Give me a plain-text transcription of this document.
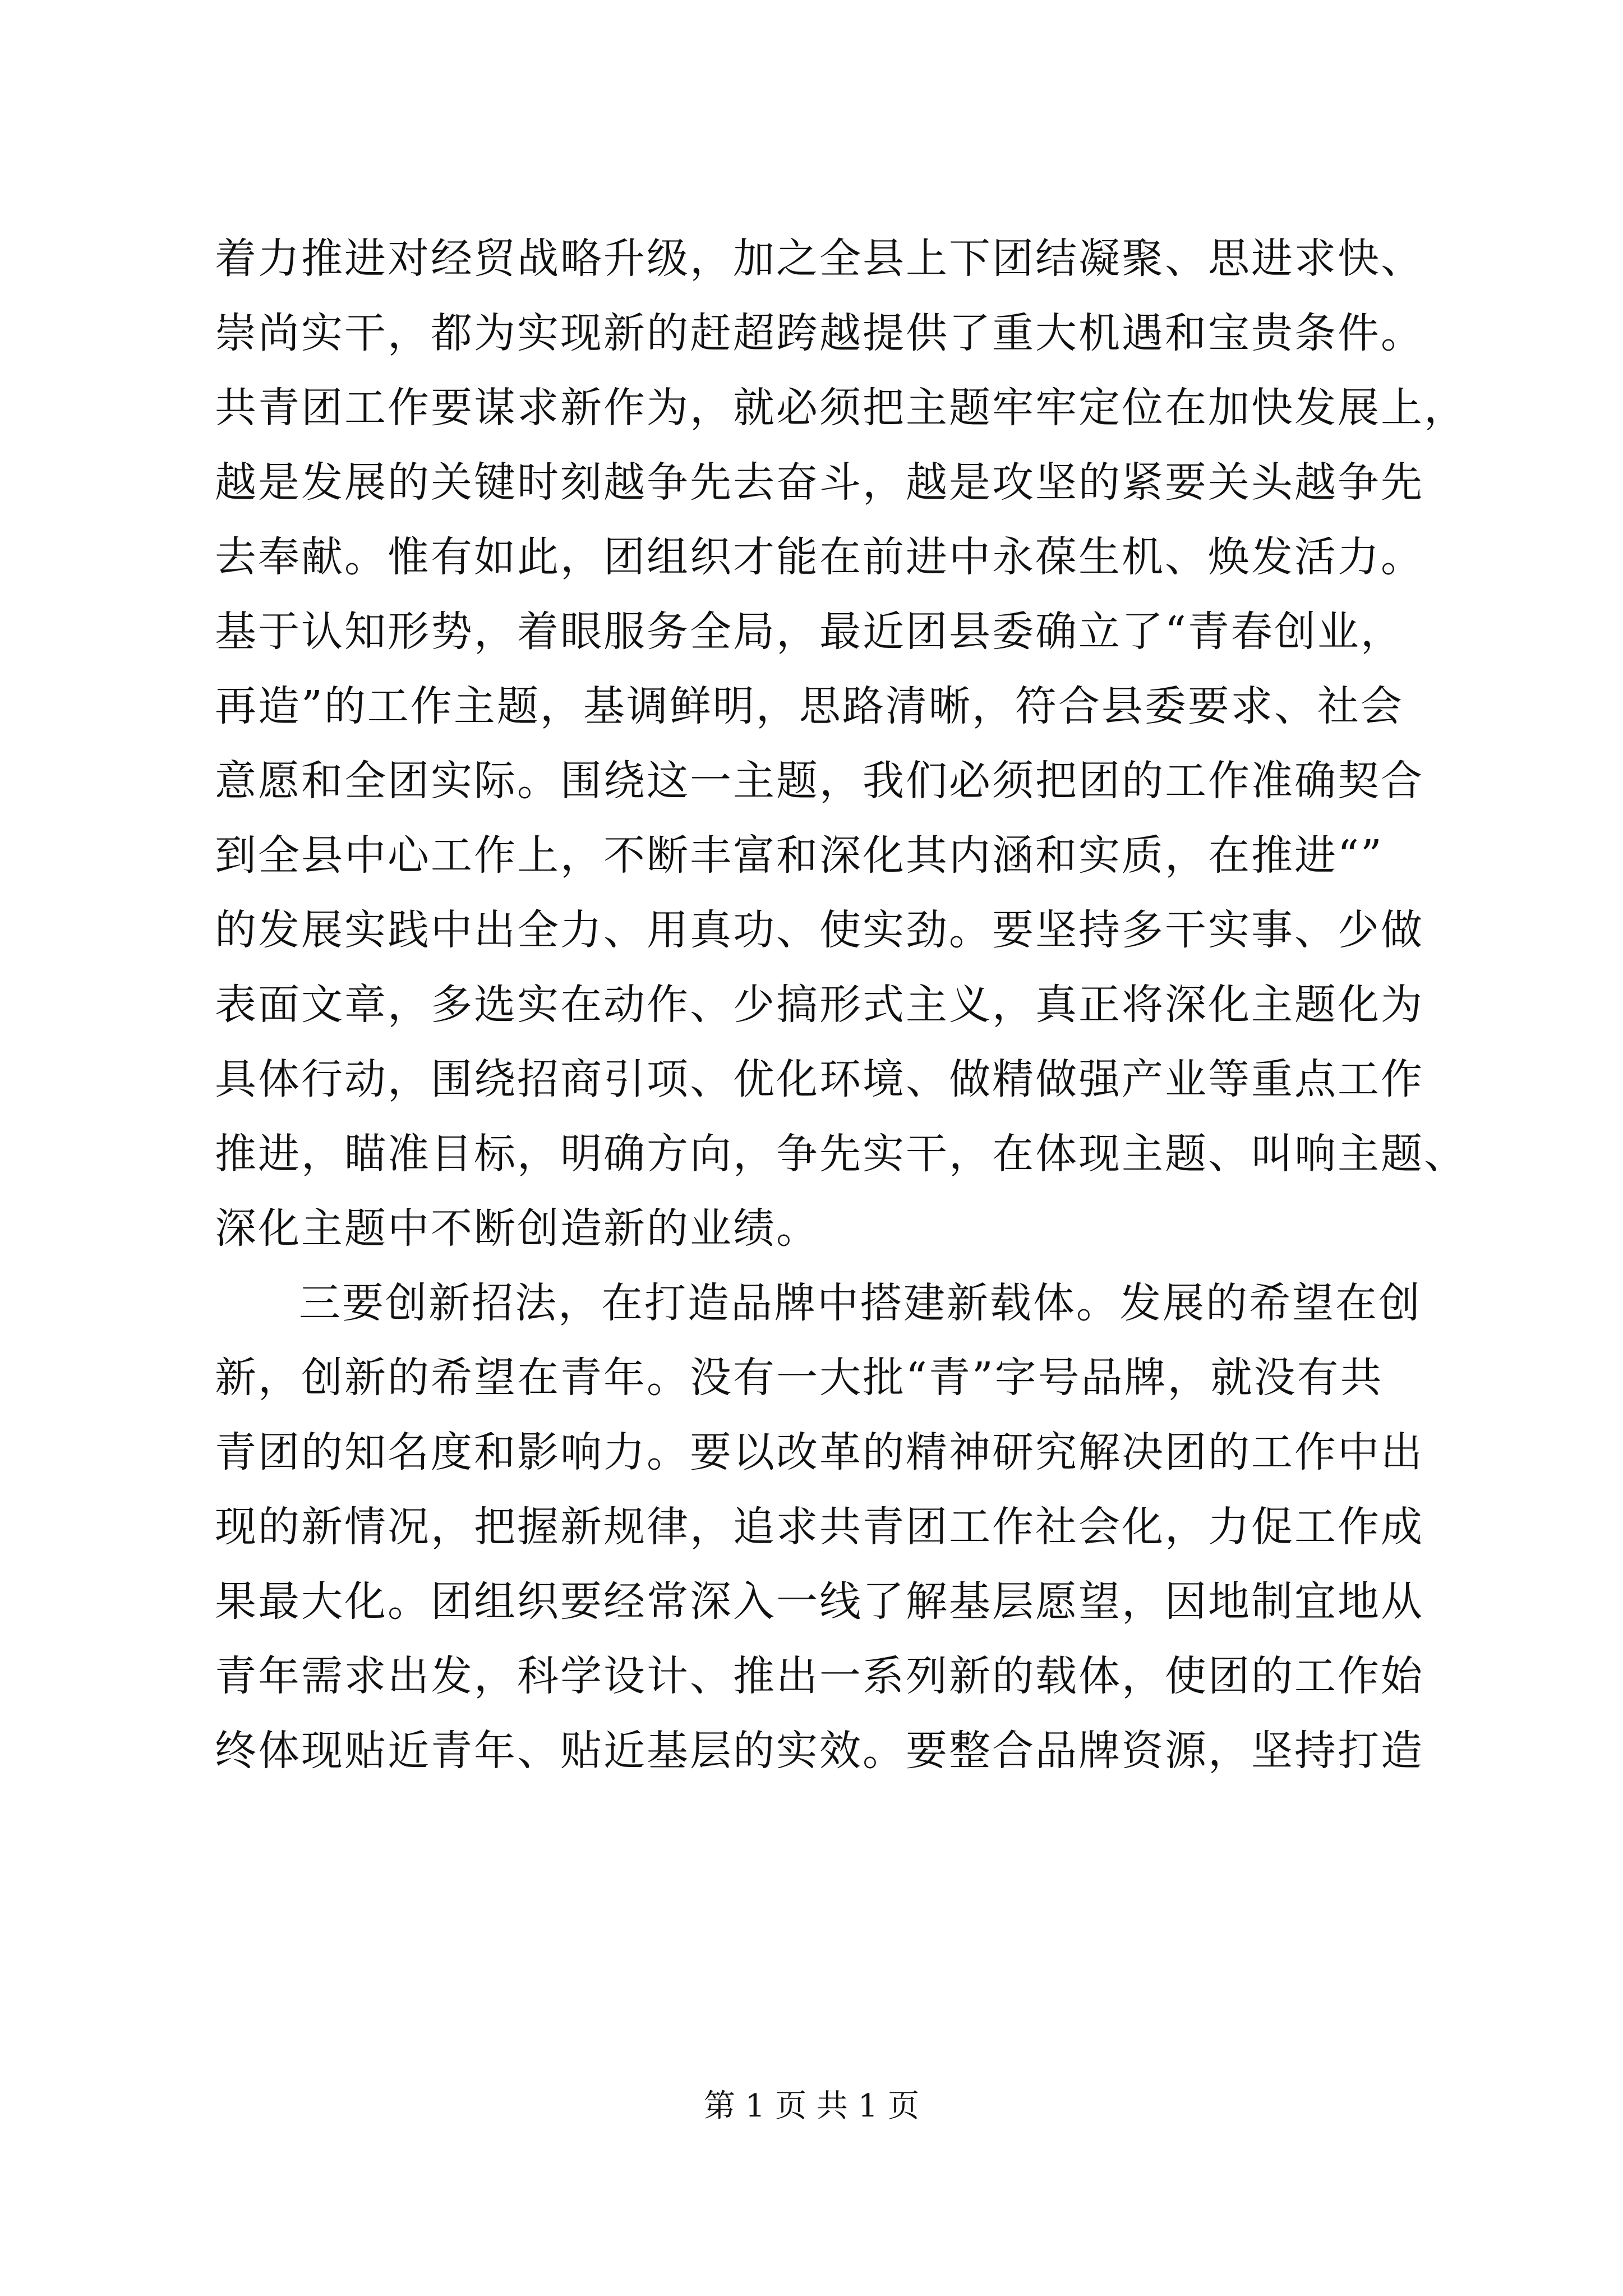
着力推进对经贸战略升级，加之全县上下团结凝聚、思进求快、
崇尚实干，都为实现新的赶超跨越提供了重大机遇和宝贵条件。
共青团工作要谋求新作为，就必须把主题牢牢定位在加快发展上，
越是发展的关键时刻越争先去奋斗，越是攻坚的紧要关头越争先
去奉献。惟有如此，团组织才能在前进中永葆生机、焕发活力。
基于认知形势，着眼服务全局，最近团县委确立了“青春创业，
再造”的工作主题，基调鲜明，思路清晰，符合县委要求、社会
意愿和全团实际。围绕这一主题，我们必须把团的工作准确契合
到全县中心工作上，不断丰富和深化其内涵和实质，在推进“”
的发展实践中出全力、用真功、使实劲。要坚持多干实事、少做
表面文章，多选实在动作、少搞形式主义，真正将深化主题化为
具体行动，围绕招商引项、优化环境、做精做强产业等重点工作
推进，瞄准目标，明确方向，争先实干，在体现主题、叫响主题、
深化主题中不断创造新的业绩。
三要创新招法，在打造品牌中搭建新载体。发展的希望在创
新，创新的希望在青年。没有一大批“青”字号品牌，就没有共
青团的知名度和影响力。要以改革的精神研究解决团的工作中出
现的新情况，把握新规律，追求共青团工作社会化，力促工作成
果最大化。团组织要经常深入一线了解基层愿望，因地制宜地从
青年需求出发，科学设计、推出一系列新的载体，使团的工作始
终体现贴近青年、贴近基层的实效。要整合品牌资源，坚持打造
第 1 页 共 1 页
